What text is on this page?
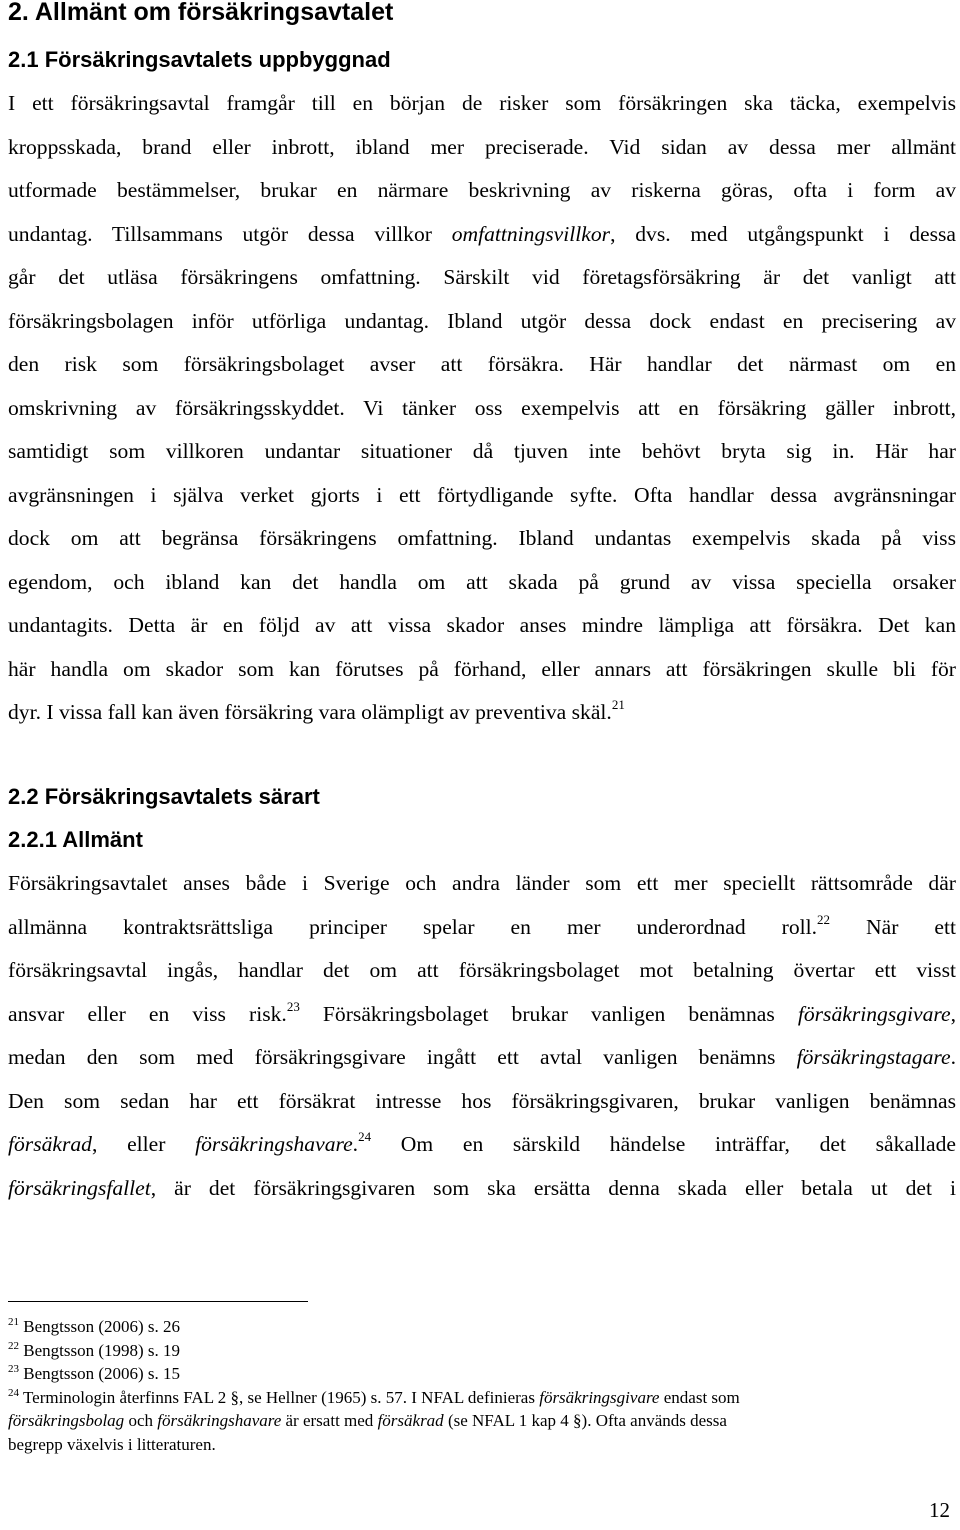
2. Allmänt om försäkringsavtalet
2.1 Försäkringsavtalets uppbyggnad
I ett försäkringsavtal framgår till en början de risker som försäkringen ska täcka, exempelvis
kroppsskada, brand eller inbrott, ibland mer preciserade. Vid sidan av dessa mer allmänt
utformade bestämmelser, brukar en närmare beskrivning av riskerna göras, ofta i form av
undantag. Tillsammans utgör dessa villkor omfattningsvillkor, dvs. med utgångspunkt i dessa
går det utläsa försäkringens omfattning. Särskilt vid företagsförsäkring är det vanligt att
försäkringsbolagen inför utförliga undantag. Ibland utgör dessa dock endast en precisering av
den risk som försäkringsbolaget avser att försäkra. Här handlar det närmast om en
omskrivning av försäkringsskyddet. Vi tänker oss exempelvis att en försäkring gäller inbrott,
samtidigt som villkoren undantar situationer då tjuven inte behövt bryta sig in. Här har
avgränsningen i själva verket gjorts i ett förtydligande syfte. Ofta handlar dessa avgränsningar
dock om att begränsa försäkringens omfattning. Ibland undantas exempelvis skada på viss
egendom, och ibland kan det handla om att skada på grund av vissa speciella orsaker
undantagits. Detta är en följd av att vissa skador anses mindre lämpliga att försäkra. Det kan
här handla om skador som kan förutses på förhand, eller annars att försäkringen skulle bli för
dyr. I vissa fall kan även försäkring vara olämpligt av preventiva skäl.$^{21}$
2.2 Försäkringsavtalets särart
2.2.1 Allmänt
Försäkringsavtalet anses både i Sverige och andra länder som ett mer speciellt rättsområde där
allmänna kontraktsrättsliga principer spelar en mer underordnad roll.$^{22}$ När ett
försäkringsavtal ingås, handlar det om att försäkringsbolaget mot betalning övertar ett visst
ansvar eller en viss risk.$^{23}$ Försäkringsbolaget brukar vanligen benämnas försäkringsgivare,
medan den som med försäkringsgivare ingått ett avtal vanligen benämns försäkringstagare.
Den som sedan har ett försäkrat intresse hos försäkringsgivaren, brukar vanligen benämnas
försäkrad, eller försäkringshavare.$^{24}$ Om en särskild händelse inträffar, det såkallade
försäkringsfallet, är det försäkringsgivaren som ska ersätta denna skada eller betala ut det i
$^{21}$ Bengtsson (2006) s. 26
$^{22}$ Bengtsson (1998) s. 19
$^{23}$ Bengtsson (2006) s. 15
$^{24}$ Terminologin återfinns FAL 2 §, se Hellner (1965) s. 57. I NFAL definieras försäkringsgivare endast som
försäkringsbolag och försäkringshavare är ersatt med försäkrad (se NFAL 1 kap 4 §). Ofta används dessa
begrepp växelvis i litteraturen.
12
